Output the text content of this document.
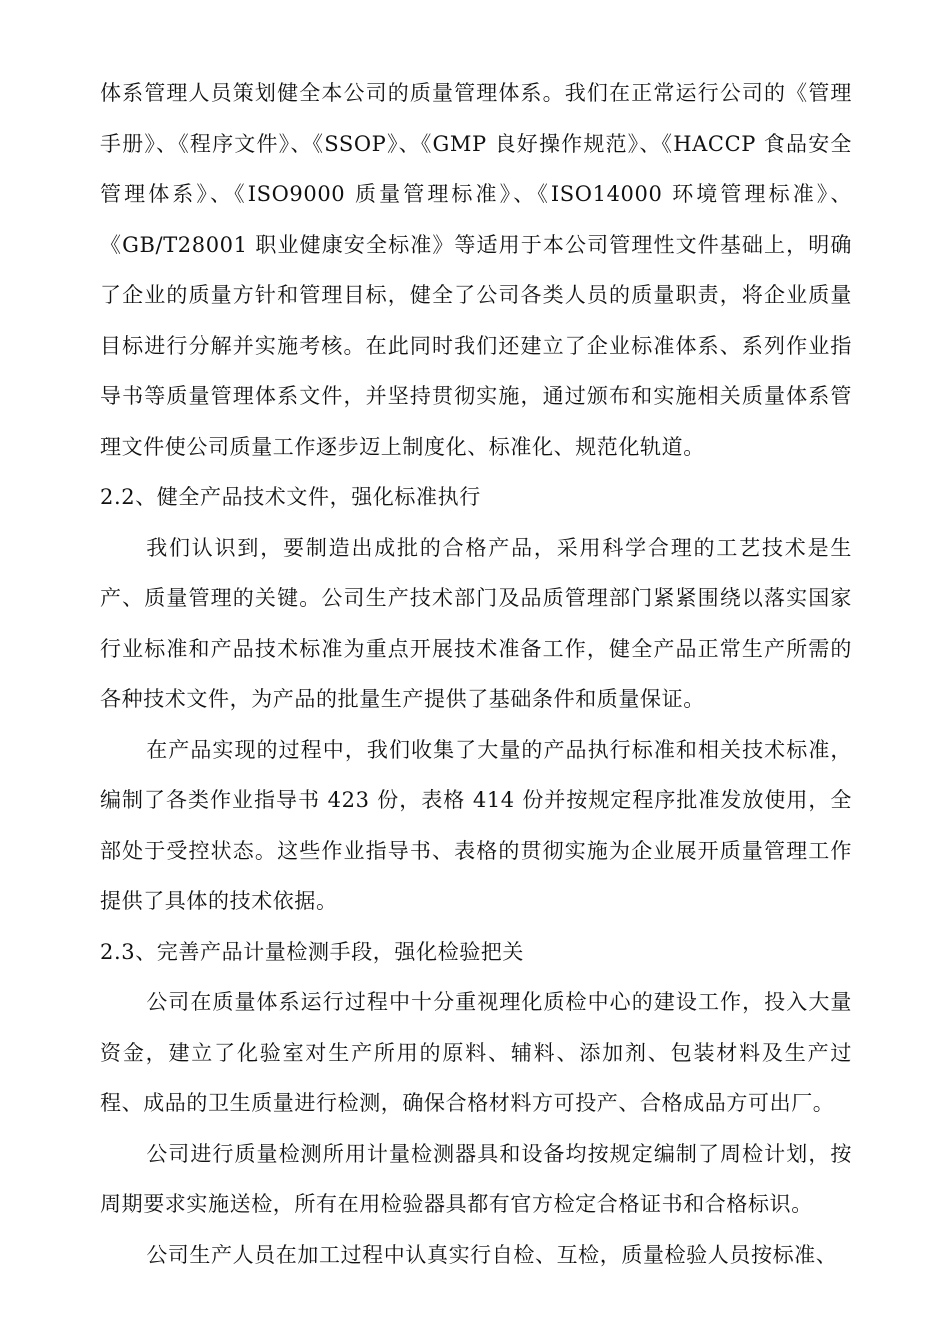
体系管理人员策划健全本公司的质量管理体系。我们在正常运行公司的《管理手册》、《程序文件》、《SSOP》、《GMP 良好操作规范》、《HACCP 食品安全管理体系》、《ISO9000 质量管理标准》、《ISO14000 环境管理标准》、《GB/T28001 职业健康安全标准》等适用于本公司管理性文件基础上，明确了企业的质量方针和管理目标，健全了公司各类人员的质量职责，将企业质量目标进行分解并实施考核。在此同时我们还建立了企业标准体系、系列作业指导书等质量管理体系文件，并坚持贯彻实施，通过颁布和实施相关质量体系管理文件使公司质量工作逐步迈上制度化、标准化、规范化轨道。

2.2、健全产品技术文件，强化标准执行

我们认识到，要制造出成批的合格产品，采用科学合理的工艺技术是生产、质量管理的关键。公司生产技术部门及品质管理部门紧紧围绕以落实国家行业标准和产品技术标准为重点开展技术准备工作，健全产品正常生产所需的各种技术文件，为产品的批量生产提供了基础条件和质量保证。

在产品实现的过程中，我们收集了大量的产品执行标准和相关技术标准，编制了各类作业指导书 423 份，表格 414 份并按规定程序批准发放使用，全部处于受控状态。这些作业指导书、表格的贯彻实施为企业展开质量管理工作提供了具体的技术依据。

2.3、完善产品计量检测手段，强化检验把关

公司在质量体系运行过程中十分重视理化质检中心的建设工作，投入大量资金，建立了化验室对生产所用的原料、辅料、添加剂、包装材料及生产过程、成品的卫生质量进行检测，确保合格材料方可投产、合格成品方可出厂。

公司进行质量检测所用计量检测器具和设备均按规定编制了周检计划，按周期要求实施送检，所有在用检验器具都有官方检定合格证书和合格标识。

公司生产人员在加工过程中认真实行自检、互检，质量检验人员按标准、
